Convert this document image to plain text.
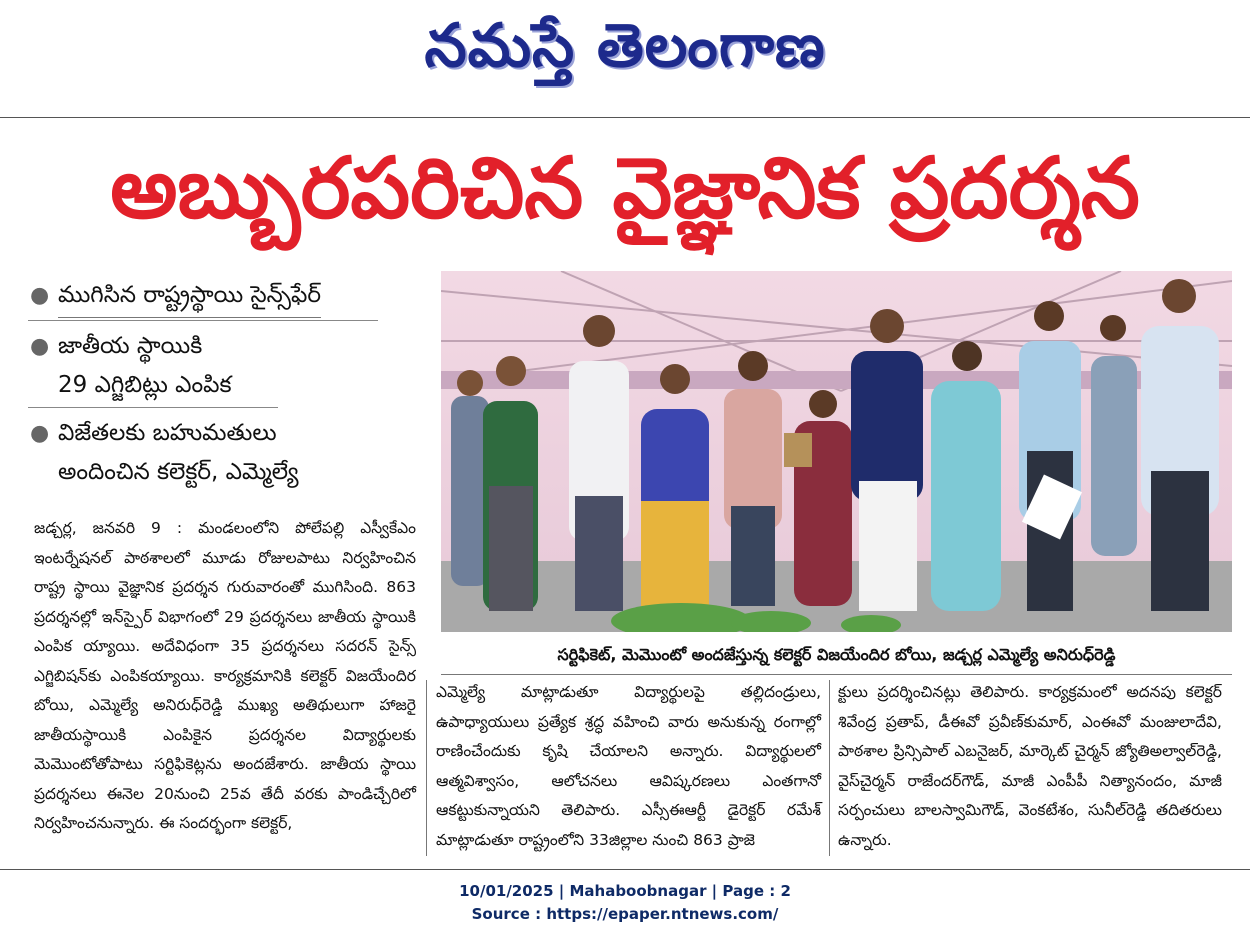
నమస్తే తెలంగాణ
అబ్బురపరిచిన వైజ్ఞానిక ప్రదర్శన
● ముగిసిన రాష్ట్రస్థాయి సైన్స్‌ఫేర్
● జాతీయ స్థాయికి
29 ఎగ్జిబిట్లు ఎంపిక
● విజేతలకు బహుమతులు
అందించిన కలెక్టర్, ఎమ్మెల్యే
సర్టిఫికెట్, మెమొంటో అందజేస్తున్న కలెక్టర్ విజయేందిర బోయి, జడ్చర్ల ఎమ్మెల్యే అనిరుధ్‌రెడ్డి

జడ్చర్ల, జనవరి 9 : మండలంలోని పోలేపల్లి ఎస్వీకేఎం ఇంటర్నేషనల్ పాఠశాలలో మూడు రోజులపాటు నిర్వహించిన రాష్ట్ర స్థాయి వైజ్ఞానిక ప్రదర్శన గురువారంతో ముగిసింది. 863 ప్రదర్శనల్లో ఇన్‌స్పైర్ విభాగంలో 29 ప్రదర్శనలు జాతీయ స్థాయికి ఎంపిక య్యాయి. అదేవిధంగా 35 ప్రదర్శనలు సదరన్ సైన్స్ ఎగ్జిబిషన్‌కు ఎంపికయ్యాయి. కార్యక్రమానికి కలెక్టర్ విజయేందిర బోయి, ఎమ్మెల్యే అనిరుధ్‌రెడ్డి ముఖ్య అతిథులుగా హాజరై జాతీయస్థాయికి ఎంపికైన ప్రదర్శనల విద్యార్థులకు మెమొంటోతోపాటు సర్టిఫికెట్లను అందజేశారు. జాతీయ స్థాయి ప్రదర్శనలు ఈనెల 20నుంచి 25వ తేదీ వరకు పాండిచ్చేరిలో నిర్వహించనున్నారు. ఈ సందర్భంగా కలెక్టర్,

ఎమ్మెల్యే మాట్లాడుతూ విద్యార్థులపై తల్లిదండ్రులు, ఉపాధ్యాయులు ప్రత్యేక శ్రద్ధ వహించి వారు అనుకున్న రంగాల్లో రాణించేందుకు కృషి చేయాలని అన్నారు. విద్యార్థులలో ఆత్మవిశ్వాసం, ఆలోచనలు ఆవిష్కరణలు ఎంతగానో ఆకట్టుకున్నాయని తెలిపారు. ఎస్సీఈఆర్టీ డైరెక్టర్ రమేశ్ మాట్లాడుతూ రాష్ట్రంలోని 33జిల్లాల నుంచి 863 ప్రాజె

క్టులు ప్రదర్శించినట్లు తెలిపారు. కార్యక్రమంలో అదనపు కలెక్టర్ శివేంద్ర ప్రతాప్, డీఈవో ప్రవీణ్‌కుమార్, ఎంఈవో మంజులాదేవి, పాఠశాల ప్రిన్సిపాల్ ఎబనైజర్, మార్కెట్ చైర్మన్ జ్యోతిఅల్వాల్‌రెడ్డి, వైస్‌చైర్మన్ రాజేందర్‌గౌడ్, మాజీ ఎంపీపీ నిత్యానందం, మాజీ సర్పంచులు బాలస్వామిగౌడ్, వెంకటేశం, సునీల్‌రెడ్డి తదితరులు ఉన్నారు.

10/01/2025 | Mahaboobnagar | Page : 2
Source : https://epaper.ntnews.com/
